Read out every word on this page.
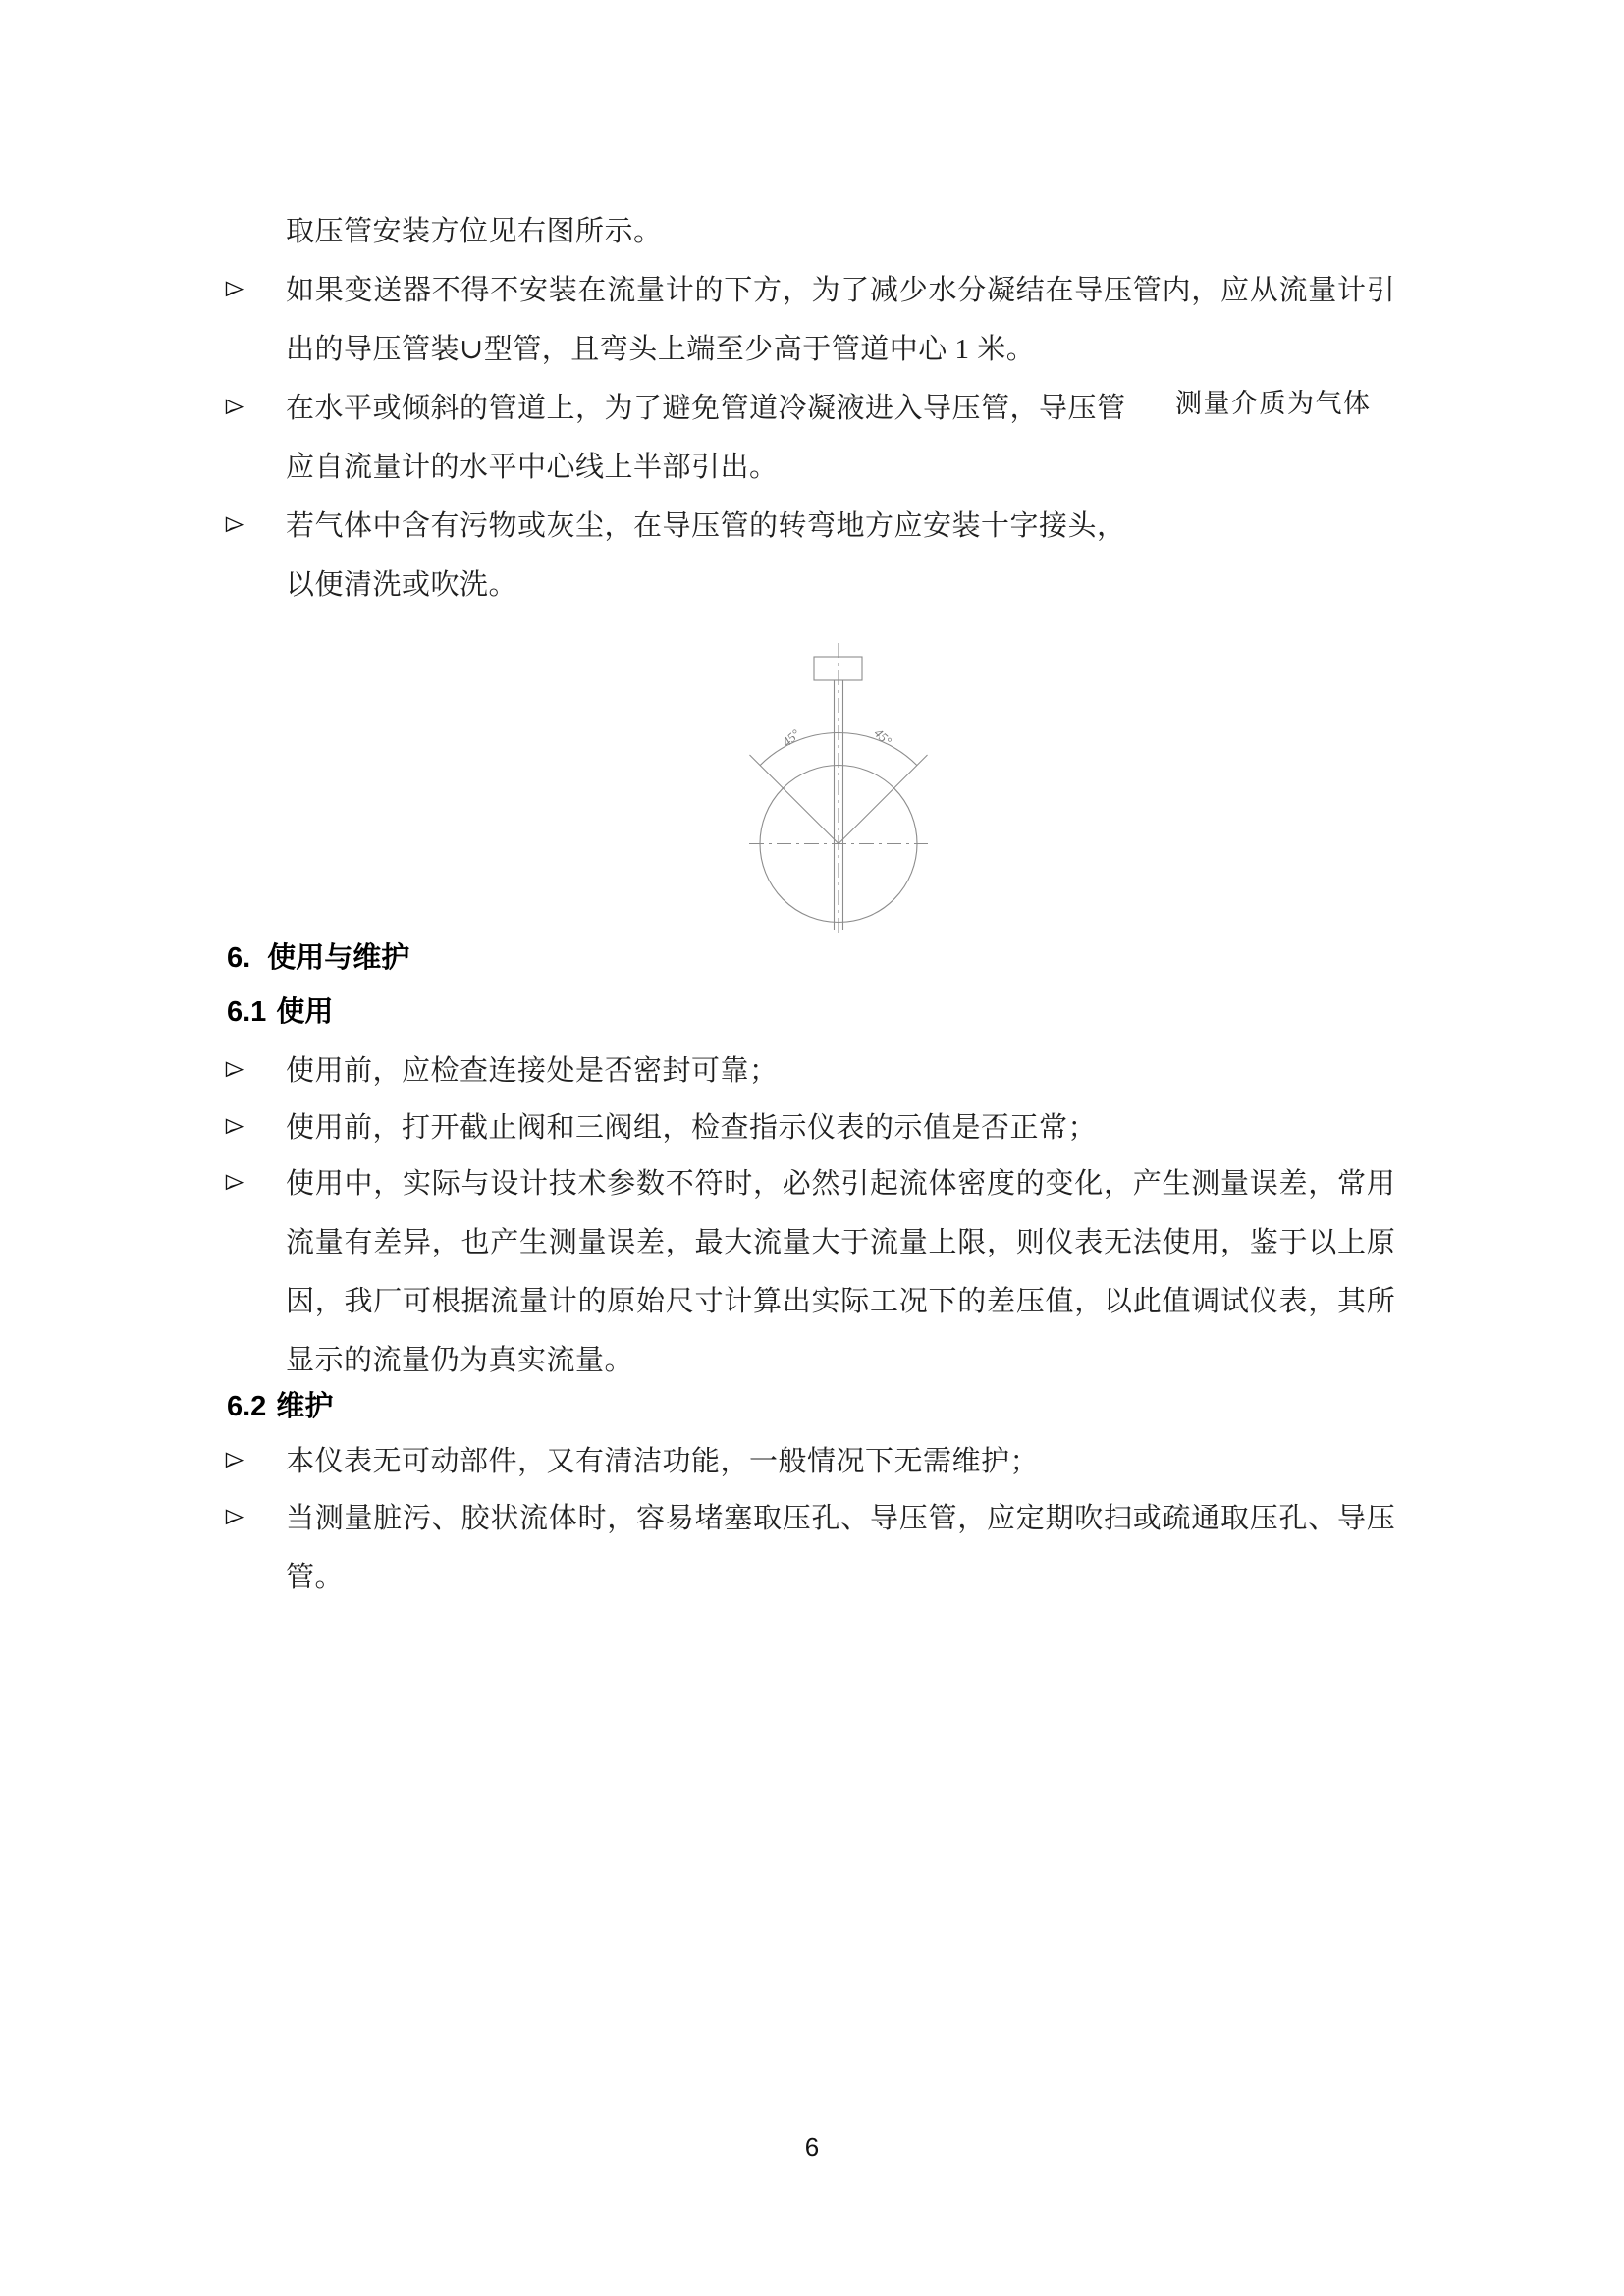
取压管安装方位见右图所示。
如果变送器不得不安装在流量计的下方，为了减少水分凝结在导压管内，应从流量计引
出的导压管装∪型管，且弯头上端至少高于管道中心 1 米。
在水平或倾斜的管道上，为了避免管道冷凝液进入导压管，导压管 测量介质为气体
应自流量计的水平中心线上半部引出。
若气体中含有污物或灰尘，在导压管的转弯地方应安装十字接头，
以便清洗或吹洗。
45°	45°
6. 使用与维护
6.1 使用
使用前，应检查连接处是否密封可靠；
使用前，打开截止阀和三阀组，检查指示仪表的示值是否正常；
使用中，实际与设计技术参数不符时，必然引起流体密度的变化，产生测量误差，常用
流量有差异，也产生测量误差，最大流量大于流量上限，则仪表无法使用，鉴于以上原
因，我厂可根据流量计的原始尺寸计算出实际工况下的差压值，以此值调试仪表，其所
显示的流量仍为真实流量。
6.2 维护
本仪表无可动部件，又有清洁功能，一般情况下无需维护；
当测量脏污、胶状流体时，容易堵塞取压孔、导压管，应定期吹扫或疏通取压孔、导压
管。
6
